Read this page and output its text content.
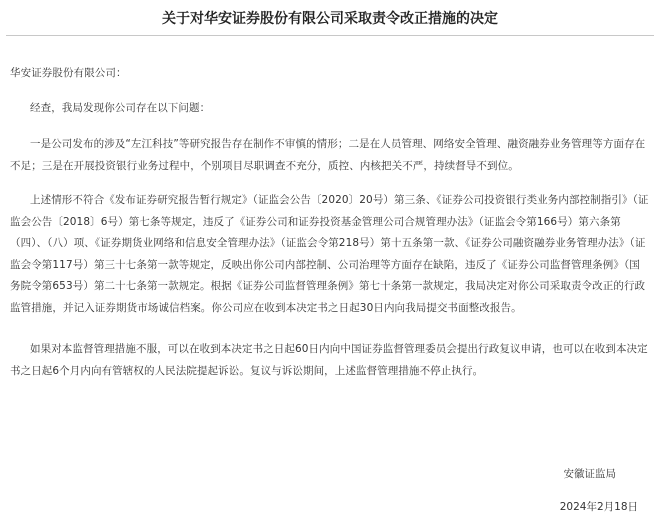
关于对华安证券股份有限公司采取责令改正措施的决定
华安证券股份有限公司：
经查，我局发现你公司存在以下问题：
一是公司发布的涉及“左江科技”等研究报告存在制作不审慎的情形；二是在人员管理、网络安全管理、融资融券业务管理等方面存在不足；三是在开展投资银行业务过程中，个别项目尽职调查不充分，质控、内核把关不严，持续督导不到位。
上述情形不符合《发布证券研究报告暂行规定》（证监会公告〔2020〕20号）第三条、《证券公司投资银行类业务内部控制指引》（证监会公告〔2018〕6号）第七条等规定，违反了《证券公司和证券投资基金管理公司合规管理办法》（证监会令第166号）第六条第（四）、（八）项、《证券期货业网络和信息安全管理办法》（证监会令第218号）第十五条第一款、《证券公司融资融券业务管理办法》（证监会令第117号）第三十七条第一款等规定，反映出你公司内部控制、公司治理等方面存在缺陷，违反了《证券公司监督管理条例》（国务院令第653号）第二十七条第一款规定。根据《证券公司监督管理条例》第七十条第一款规定，我局决定对你公司采取责令改正的行政监管措施，并记入证券期货市场诚信档案。你公司应在收到本决定书之日起30日内向我局提交书面整改报告。
如果对本监督管理措施不服，可以在收到本决定书之日起60日内向中国证券监督管理委员会提出行政复议申请，也可以在收到本决定书之日起6个月内向有管辖权的人民法院提起诉讼。复议与诉讼期间，上述监督管理措施不停止执行。
安徽证监局
2024年2月18日
